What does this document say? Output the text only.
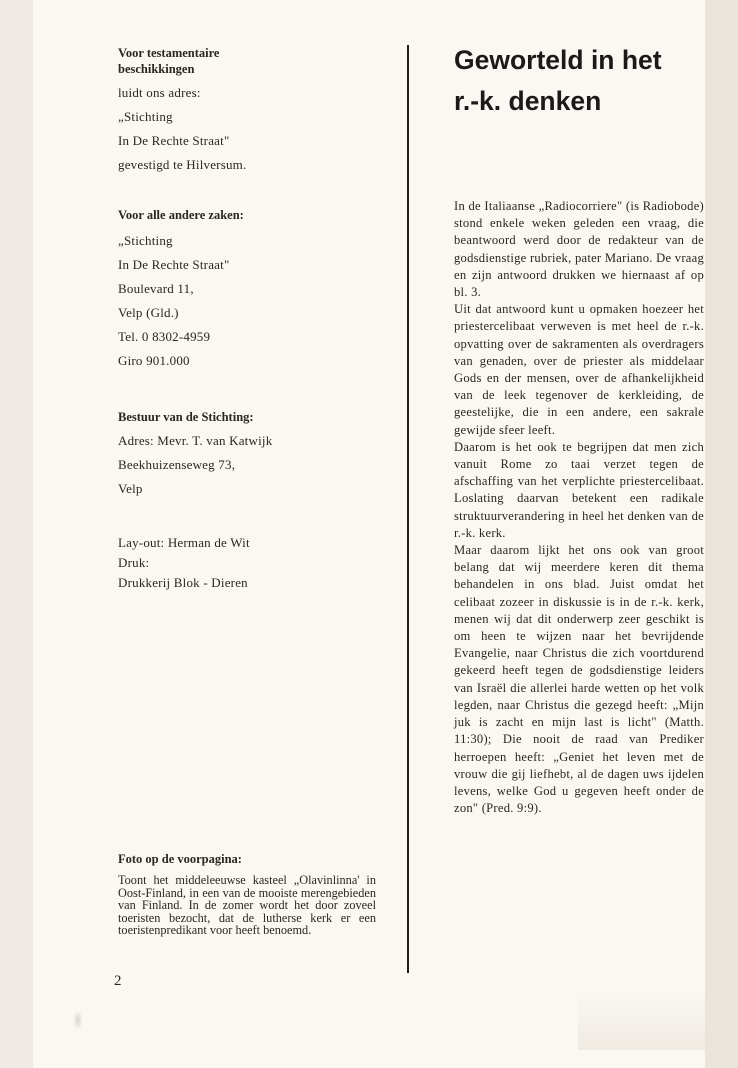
Voor testamentaire beschikkingen

luidt ons adres:
„Stichting
In De Rechte Straat"
gevestigd te Hilversum.

Voor alle andere zaken:

„Stichting
In De Rechte Straat"
Boulevard 11,
Velp (Gld.)
Tel. 0 8302-4959
Giro 901.000

Bestuur van de Stichting:

Adres: Mevr. T. van Katwijk
Beekhuizenseweg 73,
Velp
Lay-out: Herman de Wit
Druk:
Drukkerij Blok - Dieren

Foto op de voorpagina:

Toont het middeleeuwse kasteel „Olavinlinna' in Oost-Finland, in een van de mooiste merengebieden van Finland. In de zomer wordt het door zoveel toeristen bezocht, dat de lutherse kerk er een toeristenpredikant voor heeft benoemd.

2

Geworteld in het
r.-k. denken

In de Italiaanse „Radiocorriere" (is Radiobode) stond enkele weken geleden een vraag, die beantwoord werd door de redakteur van de godsdienstige rubriek, pater Mariano. De vraag en zijn antwoord drukken we hiernaast af op bl. 3.

Uit dat antwoord kunt u opmaken hoezeer het priestercelibaat verweven is met heel de r.-k. opvatting over de sakramenten als overdragers van genaden, over de priester als middelaar Gods en der mensen, over de afhankelijkheid van de leek tegenover de kerkleiding, de geestelijke, die in een andere, een sakrale gewijde sfeer leeft.

Daarom is het ook te begrijpen dat men zich vanuit Rome zo taai verzet tegen de afschaffing van het verplichte priestercelibaat. Loslating daarvan betekent een radikale struktuurverandering in heel het denken van de r.-k. kerk.

Maar daarom lijkt het ons ook van groot belang dat wij meerdere keren dit thema behandelen in ons blad. Juist omdat het celibaat zozeer in diskussie is in de r.-k. kerk, menen wij dat dit onderwerp zeer geschikt is om heen te wijzen naar het bevrijdende Evangelie, naar Christus die zich voortdurend gekeerd heeft tegen de godsdienstige leiders van Israël die allerlei harde wetten op het volk legden, naar Christus die gezegd heeft: „Mijn juk is zacht en mijn last is licht" (Matth. 11:30); Die nooit de raad van Prediker herroepen heeft: „Geniet het leven met de vrouw die gij liefhebt, al de dagen uws ijdelen levens, welke God u gegeven heeft onder de zon" (Pred. 9:9).
